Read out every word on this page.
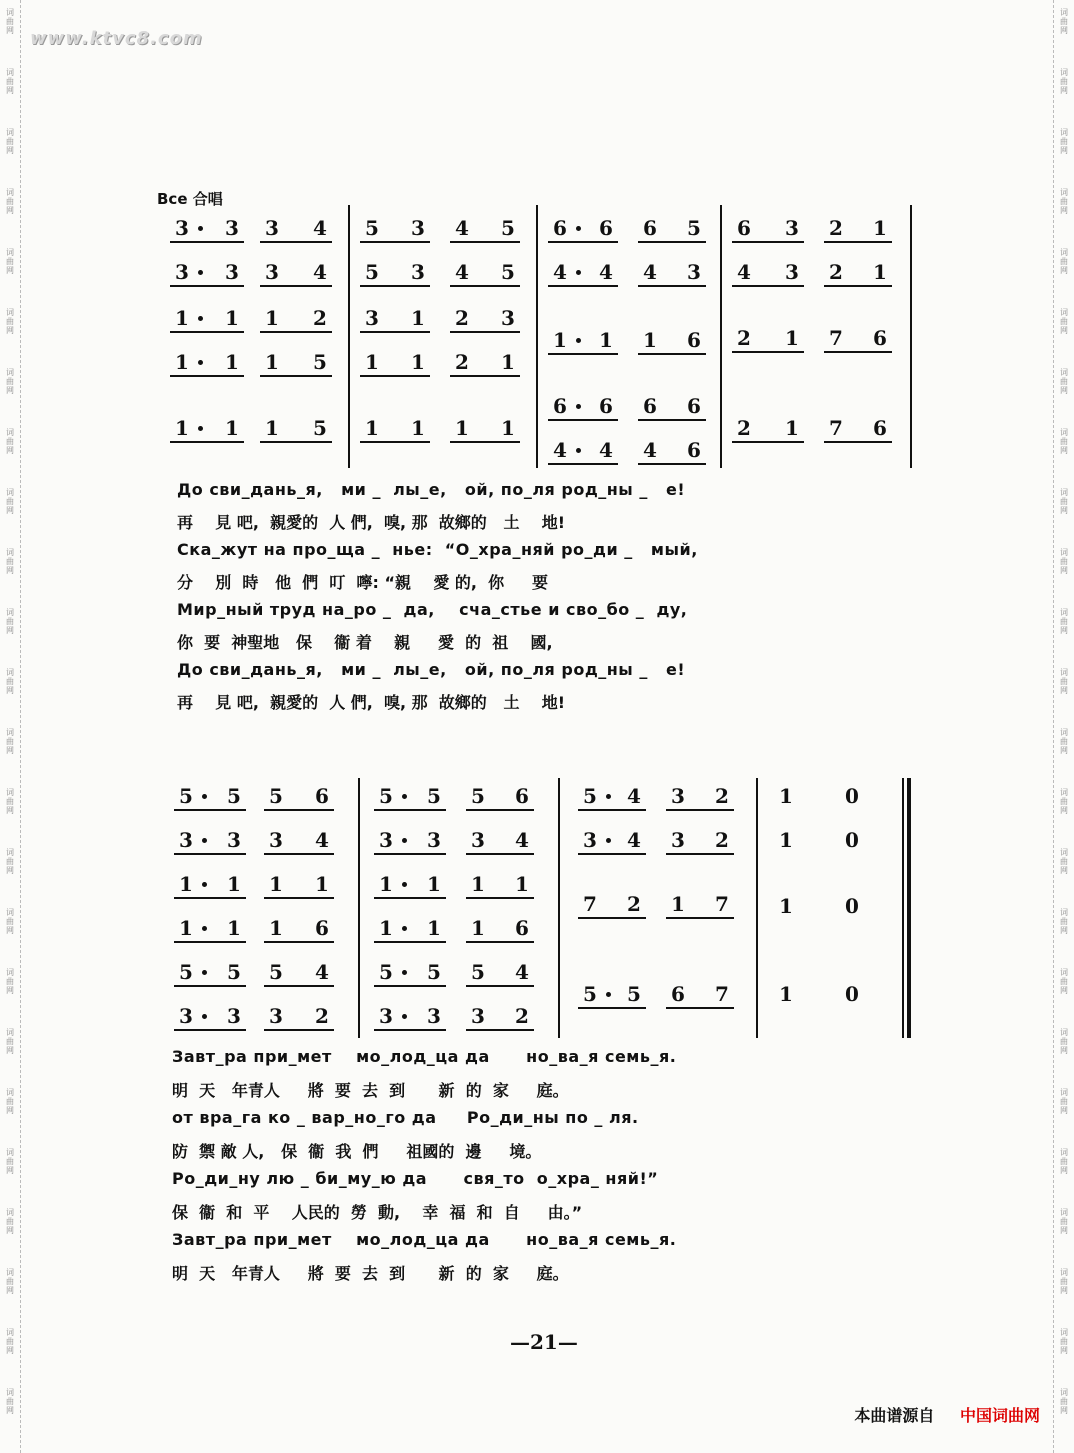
词
曲
网
词
曲
网
词
曲
网
词
曲
网
词
曲
网
词
曲
网
词
曲
网
词
曲
网
词
曲
网
词
曲
网
词
曲
网
词
曲
网
词
曲
网
词
曲
网
词
曲
网
词
曲
网
词
曲
网
词
曲
网
词
曲
网
词
曲
网
词
曲
网
词
曲
网
词
曲
网
词
曲
网
词
曲
网
词
曲
网
词
曲
网
词
曲
网
词
曲
网
词
曲
网
词
曲
网
词
曲
网
词
曲
网
词
曲
网
词
曲
网
词
曲
网
词
曲
网
词
曲
网
词
曲
网
词
曲
网
词
曲
网
词
曲
网
词
曲
网
词
曲
网
词
曲
网
词
曲
网
词
曲
网
词
曲
网
www.ktvc8.com
Все 合唱
3 3 3 4
3 3 3 4
1 1 1 2
1 1 1 5
1 1 1 5
5 3 4 5
5 3 4 5
3 1 2 3
1 1 2 1
1 1 1 1
6 6 6 5
4 4 4 3
1 1 1 6
6 6 6 6
4 4 4 6
6 3 2 1
4 3 2 1
2 1 7 6
2 1 7 6
До сви_дань_я,   ми _  лы_е,   ой, по_ля род_ны _   е!
再    見 吧,  親愛的  人 們,  嗅, 那  故鄉的   土    地!
Ска_жут на про_ща _  нье:  “О_хра_няй ро_ди _   мый,
分    別  時   他  們  叮  嚀: “親    愛 的,  你     要
Мир_ный труд на_ро _  да,    сча_стье и сво_бо _  ду,
你  要  神聖地   保    衞 着    親     愛  的  祖    國,
До сви_дань_я,   ми _  лы_е,   ой, по_ля род_ны _   е!
再    見 吧,  親愛的  人 們,  嗅, 那  故鄉的   土    地!
5 5 5 6
3 3 3 4
1 1 1 1
1 1 1 6
5 5 5 4
3 3 3 2
5 5 5 6
3 3 3 4
1 1 1 1
1 1 1 6
5 5 5 4
3 3 3 2
5 4 3 2
3 4 3 2
7 2 1 7
5 5 6 7
1	0
1	0
1	0
1	0
Завт_ра при_мет    мо_лод_ца да      но_ва_я семь_я.
明  天   年青人     將  要  去  到      新  的  家     庭。
от вра_га ко _ вар_но_го да     Ро_ди_ны по _ ля.
防  禦 敵 人,   保  衞  我  們     祖國的  邊     境。
Ро_ди_ну лю _ би_му_ю да      свя_то  о_хра_ няй!”
保  衞  和  平    人民的  勞  動,    幸  福  和  自     由。”
Завт_ра при_мет    мо_лод_ца да      но_ва_я семь_я.
明  天   年青人     將  要  去  到      新  的  家     庭。
—21—
本曲谱源自 中国词曲网
